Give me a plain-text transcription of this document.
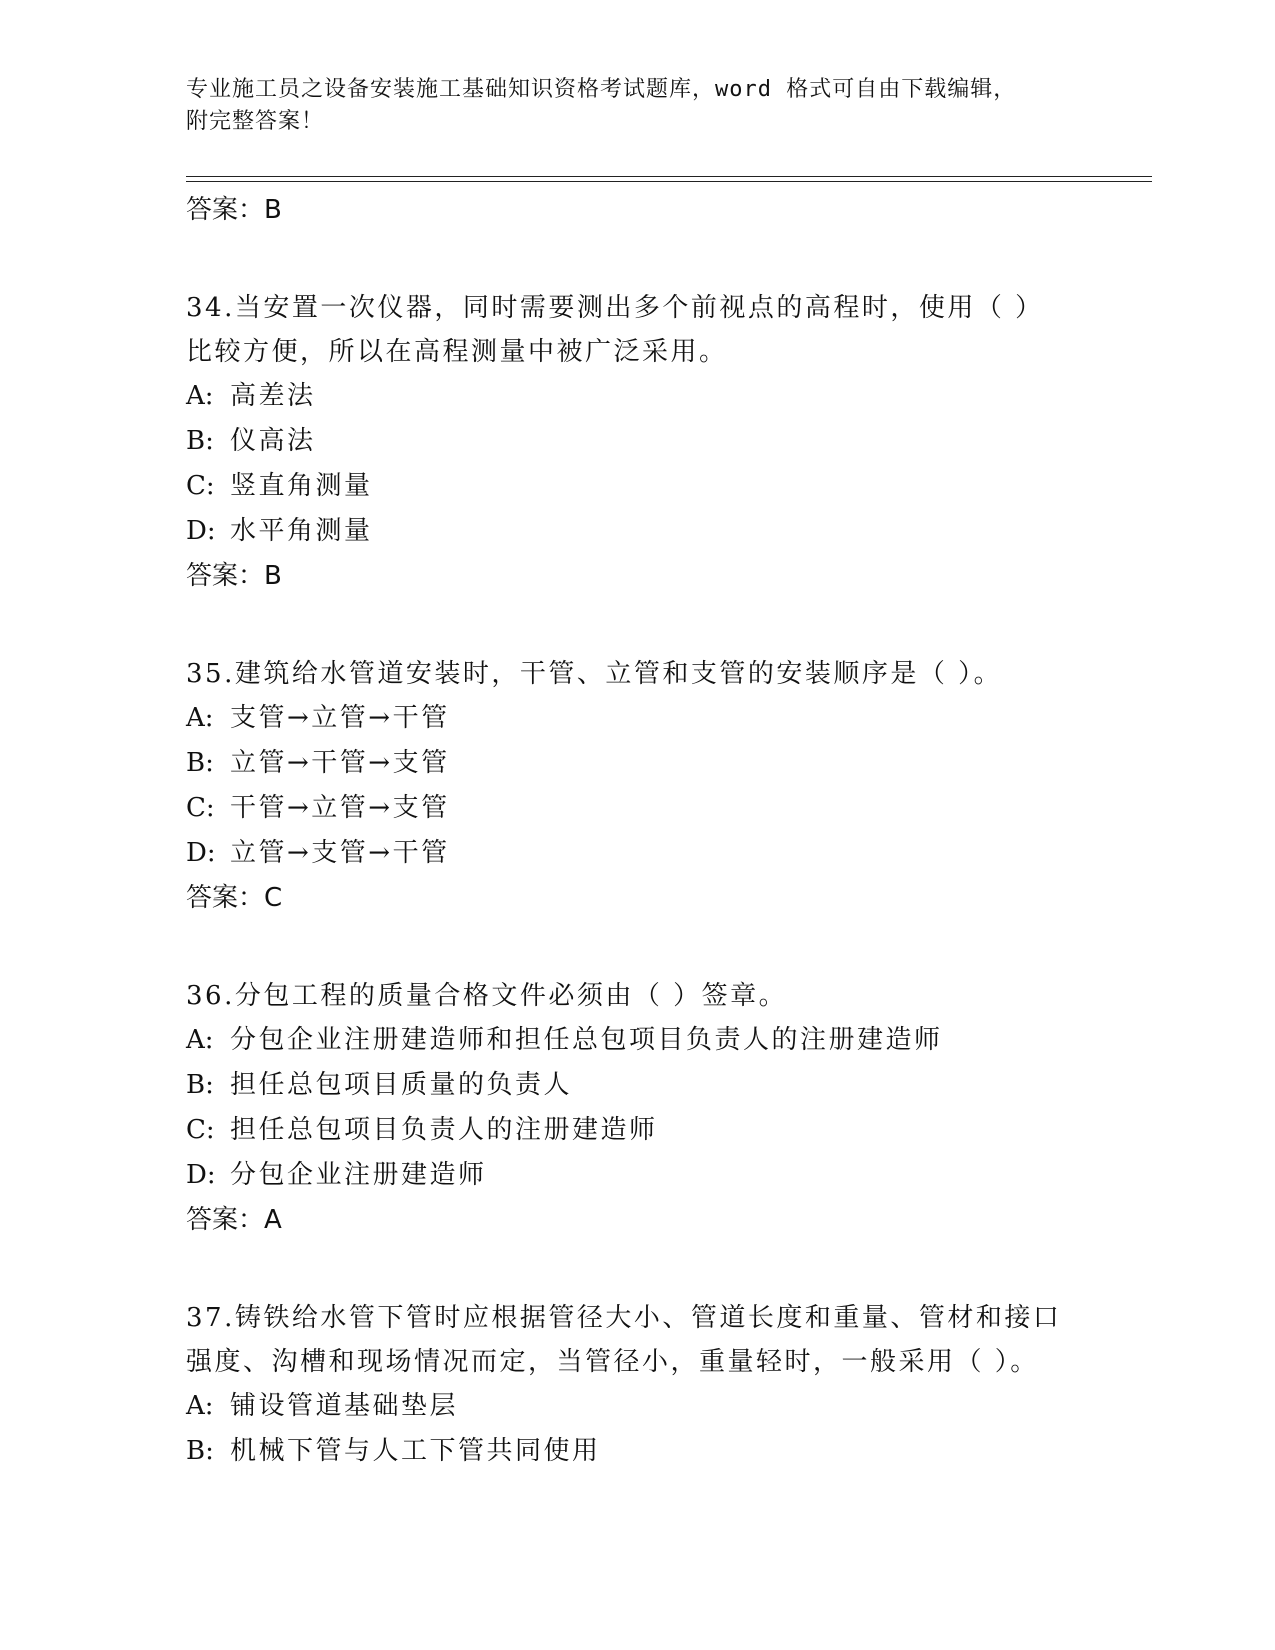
专业施工员之设备安装施工基础知识资格考试题库，word 格式可自由下载编辑，
附完整答案！
答案：B
34.当安置一次仪器，同时需要测出多个前视点的高程时，使用（ ）
比较方便，所以在高程测量中被广泛采用。
A: 高差法
B: 仪高法
C: 竖直角测量
D: 水平角测量
答案：B
35.建筑给水管道安装时，干管、立管和支管的安装顺序是（ ）。
A: 支管→立管→干管
B: 立管→干管→支管
C: 干管→立管→支管
D: 立管→支管→干管
答案：C
36.分包工程的质量合格文件必须由（ ）签章。
A: 分包企业注册建造师和担任总包项目负责人的注册建造师
B: 担任总包项目质量的负责人
C: 担任总包项目负责人的注册建造师
D: 分包企业注册建造师
答案：A
37.铸铁给水管下管时应根据管径大小、管道长度和重量、管材和接口
强度、沟槽和现场情况而定，当管径小，重量轻时，一般采用（ ）。
A: 铺设管道基础垫层
B: 机械下管与人工下管共同使用
